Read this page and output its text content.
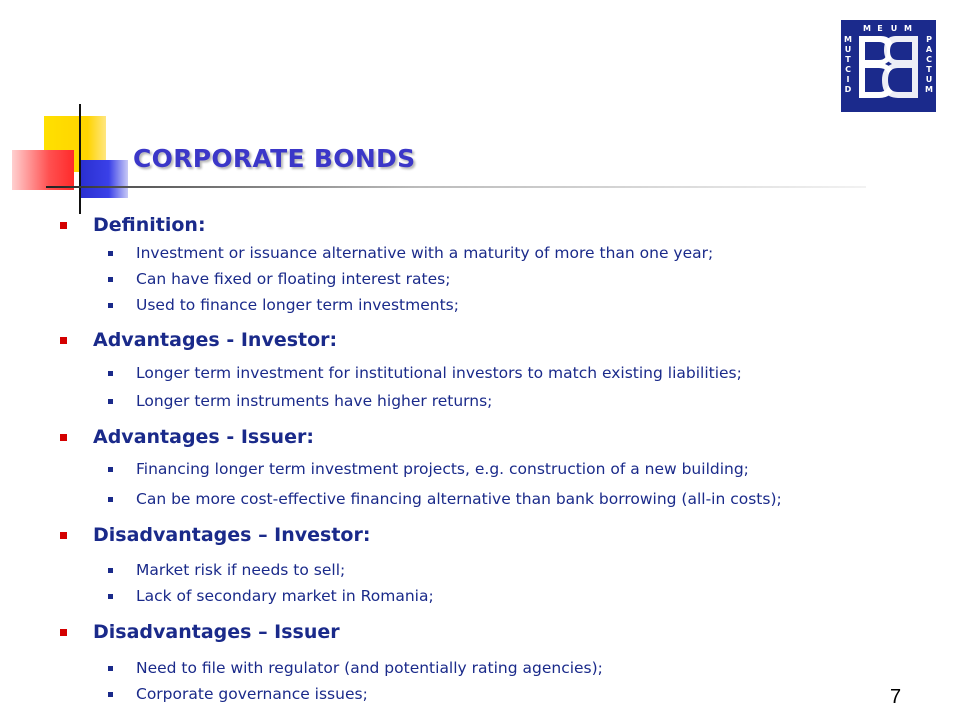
M E U M
D
I
C
T
U
M	P
A
C
T
U
M
CORPORATE BONDS
Definition:
Investment or issuance alternative with a maturity of more than one year;
Can have fixed or floating interest rates;
Used to finance longer term investments;
Advantages - Investor:
Longer term investment for institutional investors to match existing liabilities;
Longer term instruments have higher returns;
Advantages - Issuer:
Financing longer term investment projects, e.g. construction of a new building;
Can be more cost-effective financing alternative than bank borrowing (all-in costs);
Disadvantages – Investor:
Market risk if needs to sell;
Lack of secondary market in Romania;
Disadvantages – Issuer
Need to file with regulator (and potentially rating agencies);
Corporate governance issues;	7
